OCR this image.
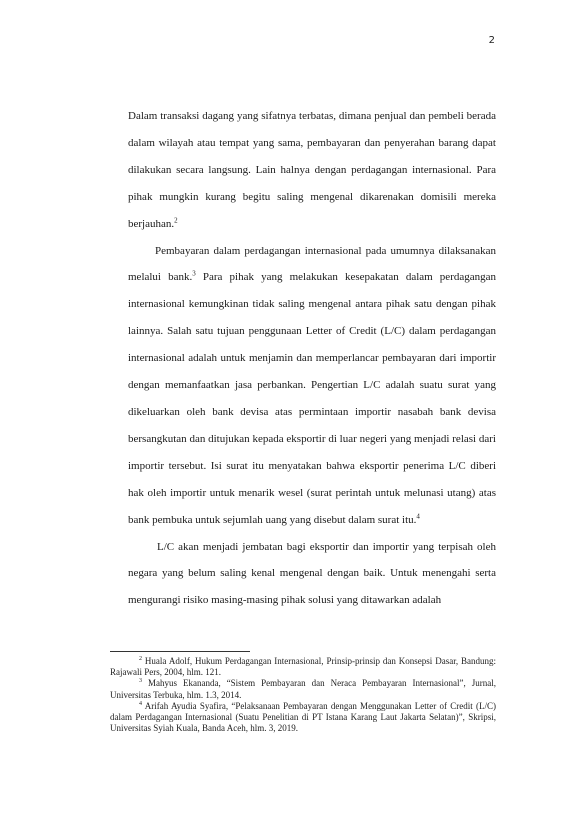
2

Dalam transaksi dagang yang sifatnya terbatas, dimana penjual dan pembeli berada dalam wilayah atau tempat yang sama, pembayaran dan penyerahan barang dapat dilakukan secara langsung. Lain halnya dengan perdagangan internasional. Para pihak mungkin kurang begitu saling mengenal dikarenakan domisili mereka berjauhan.$^2$

Pembayaran dalam perdagangan internasional pada umumnya dilaksanakan melalui bank.$^3$ Para pihak yang melakukan kesepakatan dalam perdagangan internasional kemungkinan tidak saling mengenal antara pihak satu dengan pihak lainnya. Salah satu tujuan penggunaan Letter of Credit (L/C) dalam perdagangan internasional adalah untuk menjamin dan memperlancar pembayaran dari importir dengan memanfaatkan jasa perbankan. Pengertian L/C adalah suatu surat yang dikeluarkan oleh bank devisa atas permintaan importir nasabah bank devisa bersangkutan dan ditujukan kepada eksportir di luar negeri yang menjadi relasi dari importir tersebut. Isi surat itu menyatakan bahwa eksportir penerima L/C diberi hak oleh importir untuk menarik wesel (surat perintah untuk melunasi utang) atas bank pembuka untuk sejumlah uang yang disebut dalam surat itu.$^4$

L/C akan menjadi jembatan bagi eksportir dan importir yang terpisah oleh negara yang belum saling kenal mengenal dengan baik. Untuk menengahi serta mengurangi risiko masing-masing pihak solusi yang ditawarkan adalah

$^2$ Huala Adolf, Hukum Perdagangan Internasional, Prinsip-prinsip dan Konsepsi Dasar, Bandung: Rajawali Pers, 2004, hlm. 121.

$^3$ Mahyus Ekananda, “Sistem Pembayaran dan Neraca Pembayaran Internasional”, Jurnal, Universitas Terbuka, hlm. 1.3, 2014.

$^4$ Arifah Ayudia Syafira, “Pelaksanaan Pembayaran dengan Menggunakan Letter of Credit (L/C) dalam Perdagangan Internasional (Suatu Penelitian di PT Istana Karang Laut Jakarta Selatan)”, Skripsi, Universitas Syiah Kuala, Banda Aceh, hlm. 3, 2019.
